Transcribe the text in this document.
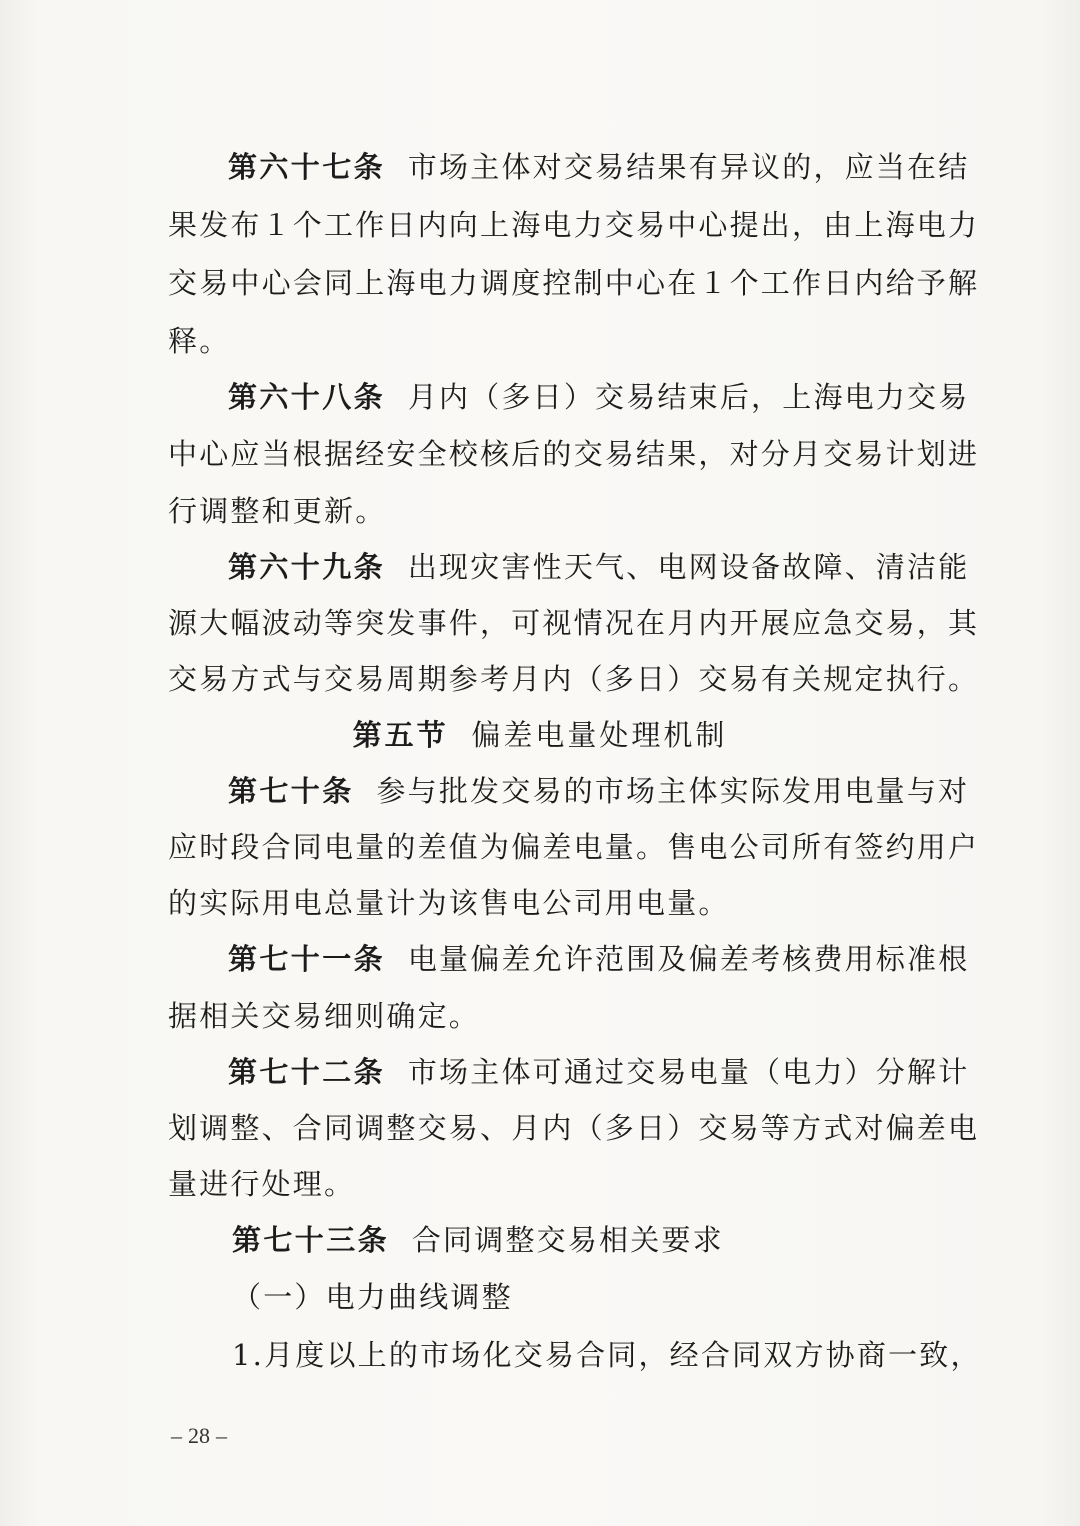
第六十七条 市场主体对交易结果有异议的，应当在结
果发布１个工作日内向上海电力交易中心提出，由上海电力
交易中心会同上海电力调度控制中心在１个工作日内给予解
释。
第六十八条 月内（多日）交易结束后，上海电力交易
中心应当根据经安全校核后的交易结果，对分月交易计划进
行调整和更新。
第六十九条 出现灾害性天气、电网设备故障、清洁能
源大幅波动等突发事件，可视情况在月内开展应急交易，其
交易方式与交易周期参考月内（多日）交易有关规定执行。
第五节 偏差电量处理机制
第七十条 参与批发交易的市场主体实际发用电量与对
应时段合同电量的差值为偏差电量。售电公司所有签约用户
的实际用电总量计为该售电公司用电量。
第七十一条 电量偏差允许范围及偏差考核费用标准根
据相关交易细则确定。
第七十二条 市场主体可通过交易电量（电力）分解计
划调整、合同调整交易、月内（多日）交易等方式对偏差电
量进行处理。
第七十三条 合同调整交易相关要求
（一）电力曲线调整
1.月度以上的市场化交易合同，经合同双方协商一致，
– 28 –
